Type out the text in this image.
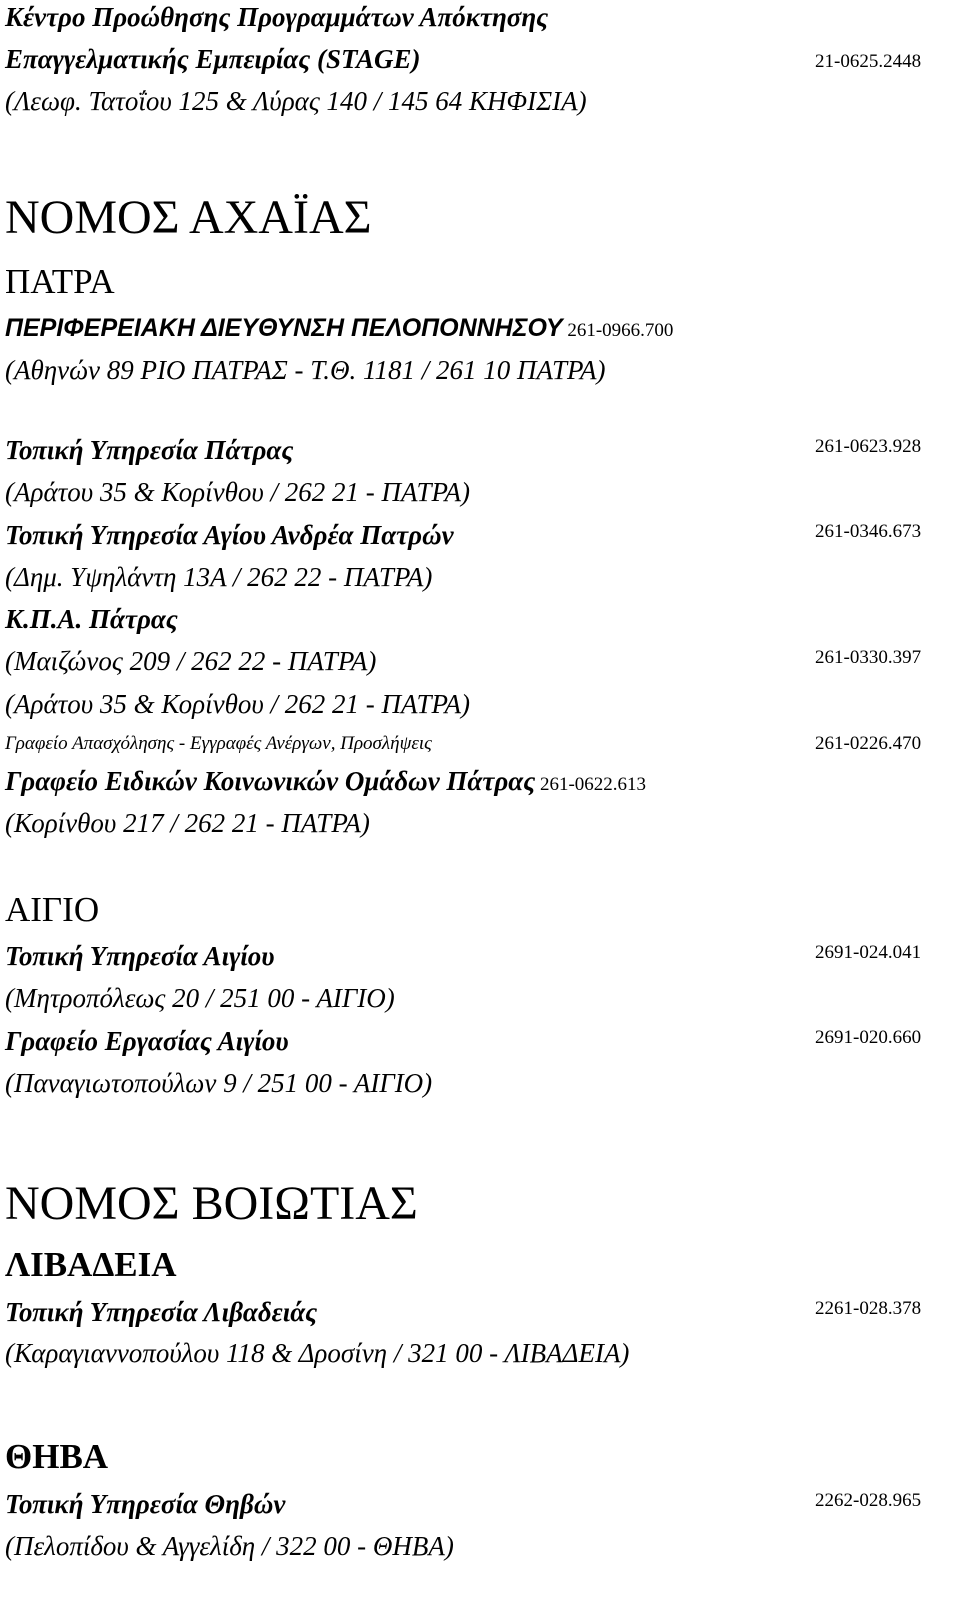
Κέντρο Προώθησης Προγραμμάτων Απόκτησης
Επαγγελματικής Εμπειρίας (STAGE)	21-0625.2448
(Λεωφ. Τατοΐου 125 & Λύρας 140 / 145 64 ΚΗΦΙΣΙΑ)
ΝΟΜΟΣ ΑΧΑΪΑΣ
ΠΑΤΡΑ
ΠΕΡΙΦΕΡΕΙΑΚΗ ΔΙΕΥΘΥΝΣΗ ΠΕΛΟΠΟΝΝΗΣΟΥ 261-0966.700
(Αθηνών 89 ΡΙΟ ΠΑΤΡΑΣ - Τ.Θ. 1181 / 261 10 ΠΑΤΡΑ)
Τοπική Υπηρεσία Πάτρας	261-0623.928
(Αράτου 35 & Κορίνθου / 262 21 - ΠΑΤΡΑ)
Τοπική Υπηρεσία Αγίου Ανδρέα Πατρών	261-0346.673
(Δημ. Υψηλάντη 13Α / 262 22 - ΠΑΤΡΑ)
Κ.Π.Α. Πάτρας
(Μαιζώνος 209 / 262 22 - ΠΑΤΡΑ)	261-0330.397
(Αράτου 35 & Κορίνθου / 262 21 - ΠΑΤΡΑ)
Γραφείο Απασχόλησης - Εγγραφές Ανέργων, Προσλήψεις	261-0226.470
Γραφείο Ειδικών Κοινωνικών Ομάδων Πάτρας 261-0622.613
(Κορίνθου 217 / 262 21 - ΠΑΤΡΑ)
ΑΙΓΙΟ
Τοπική Υπηρεσία Αιγίου	2691-024.041
(Μητροπόλεως 20 / 251 00 - ΑΙΓΙΟ)
Γραφείο Εργασίας Αιγίου	2691-020.660
(Παναγιωτοπούλων 9 / 251 00 - ΑΙΓΙΟ)
ΝΟΜΟΣ ΒΟΙΩΤΙΑΣ
ΛΙΒΑΔΕΙΑ
Τοπική Υπηρεσία Λιβαδειάς	2261-028.378
(Καραγιαννοπούλου 118 & Δροσίνη / 321 00 - ΛΙΒΑΔΕΙΑ)
ΘΗΒΑ
Τοπική Υπηρεσία Θηβών	2262-028.965
(Πελοπίδου & Αγγελίδη / 322 00 - ΘΗΒΑ)
